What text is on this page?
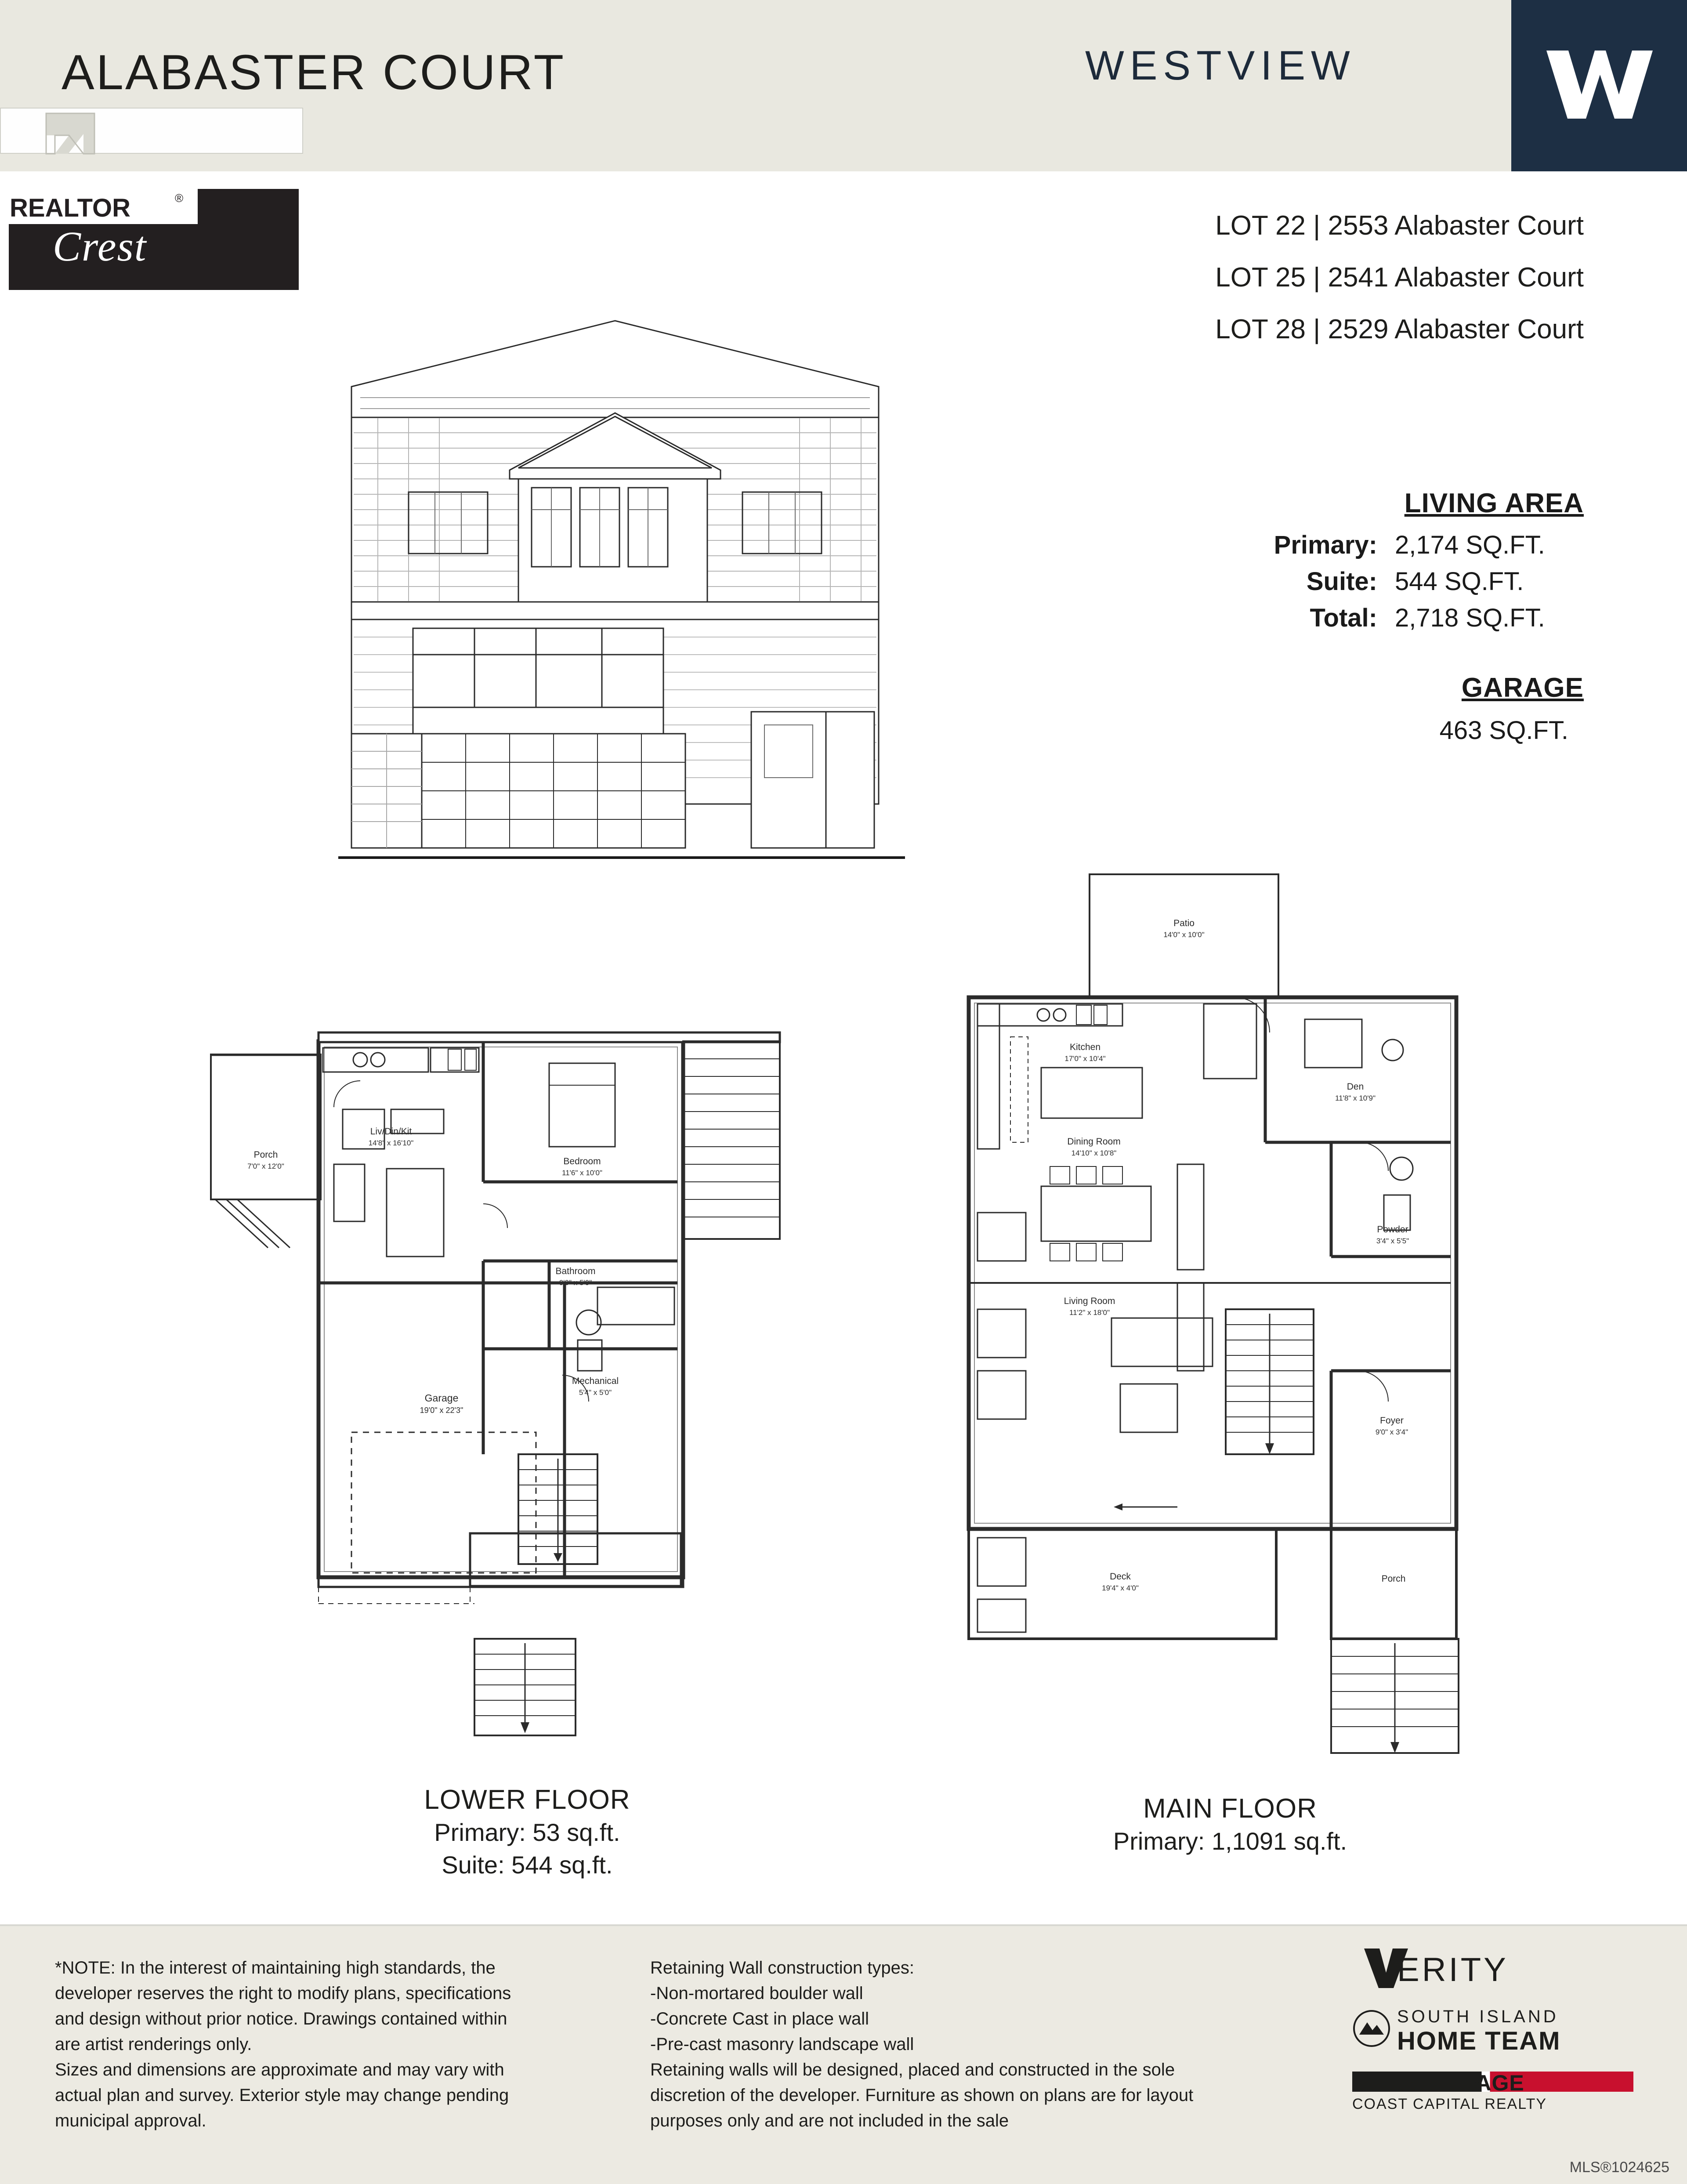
ALABASTER COURT	WESTVIEW
REALTOR	®
Crest	LOT 22 | 2553 Alabaster Court
LOT 25 | 2541 Alabaster Court
LOT 28 | 2529 Alabaster Court
LIVING AREA
Primary: 2,174 SQ.FT.
Suite: 544 SQ.FT.
Total: 2,718 SQ.FT.
GARAGE
463 SQ.FT.
Porch
7'0" x 12'0"
Liv/Din/Kit
14'8" x 16'10"
Bedroom
11'6" x 10'0"
Bathroom
9'0" x 5'0"
Mechanical
5'4" x 5'0"
Garage
19'0" x 22'3"
Patio
14'0" x 10'0"
Kitchen
17'0" x 10'4"
Den
11'8" x 10'9"
Dining Room
14'10" x 10'8"
Powder
3'4" x 5'5"
Living Room
11'2" x 18'0"
Foyer
9'0" x 3'4"
Deck
19'4" x 4'0"
Porch
LOWER FLOOR
Primary: 53 sq.ft.
Suite: 544 sq.ft.
MAIN FLOOR
Primary: 1,1091 sq.ft.
*NOTE: In the interest of maintaining high standards, the
developer reserves the right to modify plans, specifications
and design without prior notice. Drawings contained within
are artist renderings only.
Sizes and dimensions are approximate and may vary with
actual plan and survey. Exterior style may change pending
municipal approval.
Retaining Wall construction types:
-Non-mortared boulder wall
-Concrete Cast in place wall
-Pre-cast masonry landscape wall
Retaining walls will be designed, placed and constructed in the sole
discretion of the developer. Furniture as shown on plans are for layout
purposes only and are not included in the sale
ERITY
SOUTH ISLAND
HOME TEAM
ROYAL LePAGE
COAST CAPITAL REALTY
MLS®1024625
